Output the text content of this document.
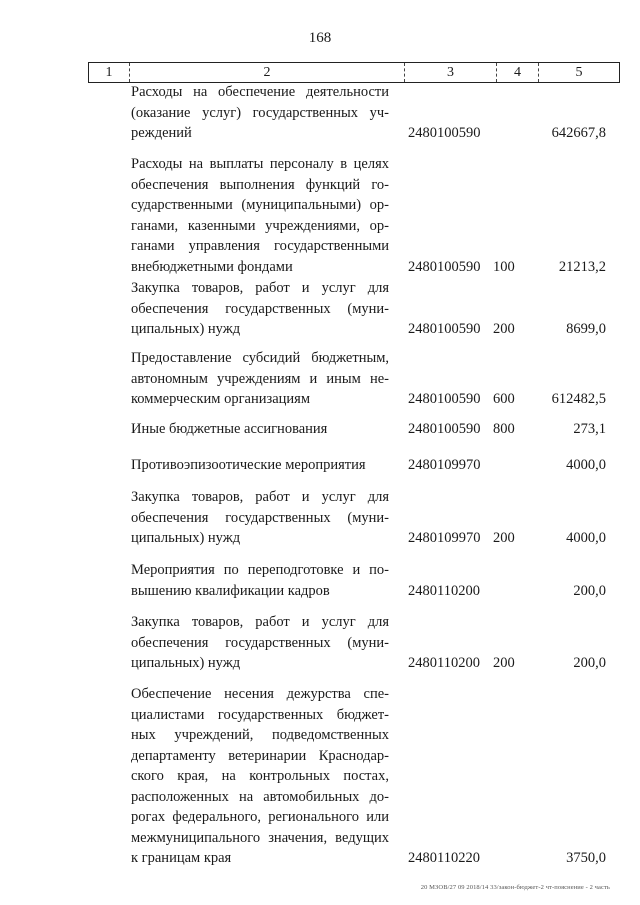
168
1	2	3	4	5
Расходы на обеспечение деятельности
(оказание услуг) государственных уч-
реждений	2480100590	642667,8
Расходы на выплаты персоналу в целях
обеспечения выполнения функций го-
сударственными (муниципальными) ор-
ганами, казенными учреждениями, ор-
ганами управления государственными
внебюджетными фондами	2480100590 100	21213,2
Закупка товаров, работ и услуг для
обеспечения государственных (муни-
ципальных) нужд	2480100590 200	8699,0
Предоставление субсидий бюджетным,
автономным учреждениям и иным не-
коммерческим организациям	2480100590 600	612482,5
Иные бюджетные ассигнования	2480100590 800	273,1
Противоэпизоотические мероприятия	2480109970	4000,0
Закупка товаров, работ и услуг для
обеспечения государственных (муни-
ципальных) нужд	2480109970 200	4000,0
Мероприятия по переподготовке и по-
вышению квалификации кадров	2480110200	200,0
Закупка товаров, работ и услуг для
обеспечения государственных (муни-
ципальных) нужд	2480110200 200	200,0
Обеспечение несения дежурства спе-
циалистами государственных бюджет-
ных учреждений, подведомственных
департаменту ветеринарии Краснодар-
ского края, на контрольных постах,
расположенных на автомобильных до-
рогах федерального, регионального или
межмуниципального значения, ведущих
к границам края	2480110220	3750,0
20 МЗОВ/27 09 2018/14 33/закон-бюджет-2 чт-пояснение - 2 часть
